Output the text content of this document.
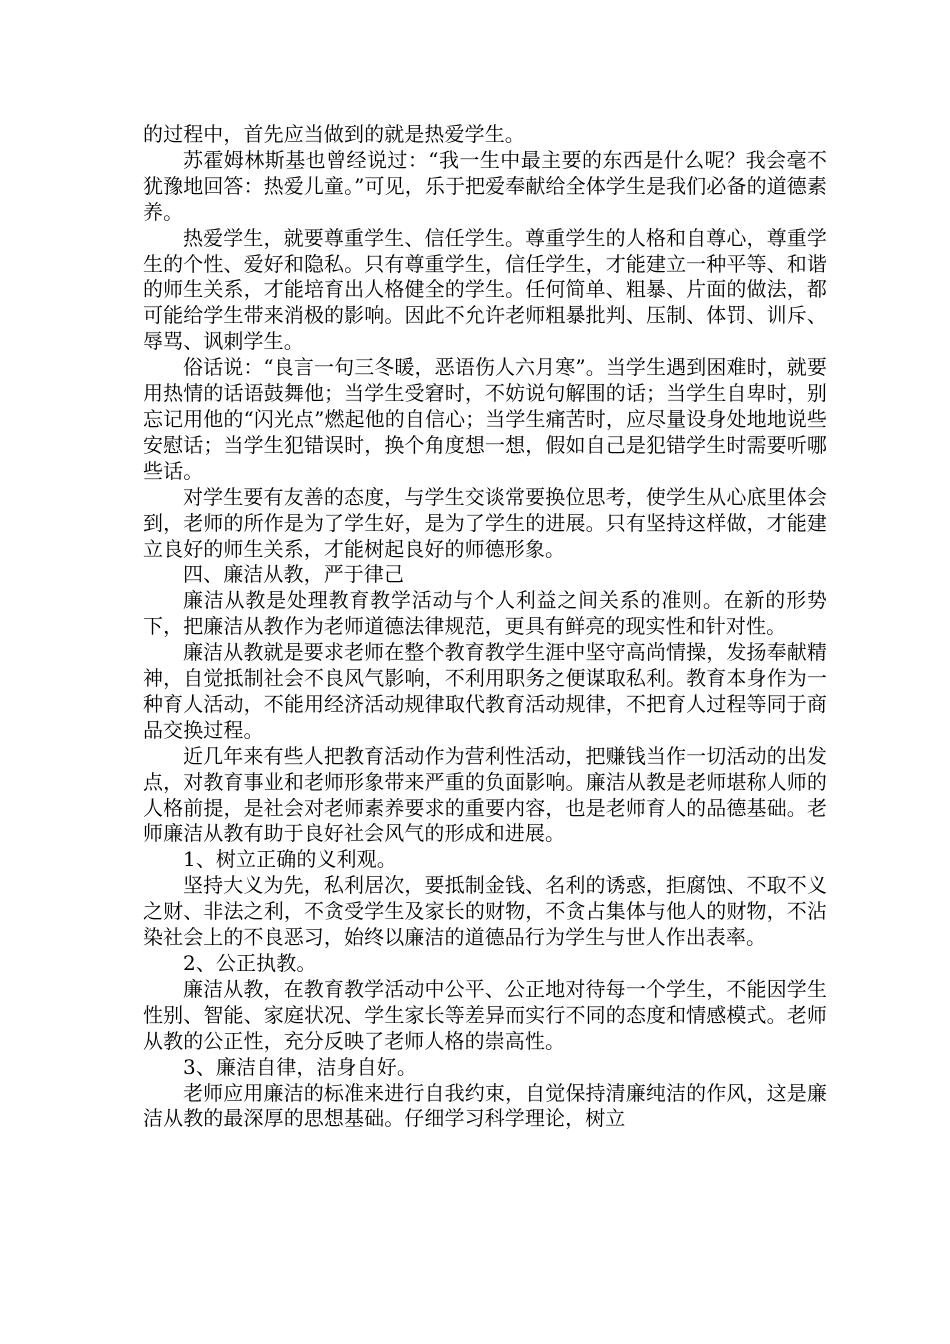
的过程中，首先应当做到的就是热爱学生。

苏霍姆林斯基也曾经说过：“我一生中最主要的东西是什么呢？我会毫不犹豫地回答：热爱儿童。”可见，乐于把爱奉献给全体学生是我们必备的道德素养。

热爱学生，就要尊重学生、信任学生。尊重学生的人格和自尊心，尊重学生的个性、爱好和隐私。只有尊重学生，信任学生，才能建立一种平等、和谐的师生关系，才能培育出人格健全的学生。任何简单、粗暴、片面的做法，都可能给学生带来消极的影响。因此不允许老师粗暴批判、压制、体罚、训斥、辱骂、讽刺学生。

俗话说：“良言一句三冬暖，恶语伤人六月寒”。当学生遇到困难时，就要用热情的话语鼓舞他；当学生受窘时，不妨说句解围的话；当学生自卑时，别忘记用他的“闪光点”燃起他的自信心；当学生痛苦时，应尽量设身处地地说些安慰话；当学生犯错误时，换个角度想一想，假如自己是犯错学生时需要听哪些话。

对学生要有友善的态度，与学生交谈常要换位思考，使学生从心底里体会到，老师的所作是为了学生好，是为了学生的进展。只有坚持这样做，才能建立良好的师生关系，才能树起良好的师德形象。

四、廉洁从教，严于律己

廉洁从教是处理教育教学活动与个人利益之间关系的准则。在新的形势下，把廉洁从教作为老师道德法律规范，更具有鲜亮的现实性和针对性。

廉洁从教就是要求老师在整个教育教学生涯中坚守高尚情操，发扬奉献精神，自觉抵制社会不良风气影响，不利用职务之便谋取私利。教育本身作为一种育人活动，不能用经济活动规律取代教育活动规律，不把育人过程等同于商品交换过程。

近几年来有些人把教育活动作为营利性活动，把赚钱当作一切活动的出发点，对教育事业和老师形象带来严重的负面影响。廉洁从教是老师堪称人师的人格前提，是社会对老师素养要求的重要内容，也是老师育人的品德基础。老师廉洁从教有助于良好社会风气的形成和进展。

1、树立正确的义利观。

坚持大义为先，私利居次，要抵制金钱、名利的诱惑，拒腐蚀、不取不义之财、非法之利，不贪受学生及家长的财物，不贪占集体与他人的财物，不沾染社会上的不良恶习，始终以廉洁的道德品行为学生与世人作出表率。

2、公正执教。

廉洁从教，在教育教学活动中公平、公正地对待每一个学生，不能因学生性别、智能、家庭状况、学生家长等差异而实行不同的态度和情感模式。老师从教的公正性，充分反映了老师人格的崇高性。

3、廉洁自律，洁身自好。

老师应用廉洁的标准来进行自我约束，自觉保持清廉纯洁的作风，这是廉洁从教的最深厚的思想基础。仔细学习科学理论，树立
